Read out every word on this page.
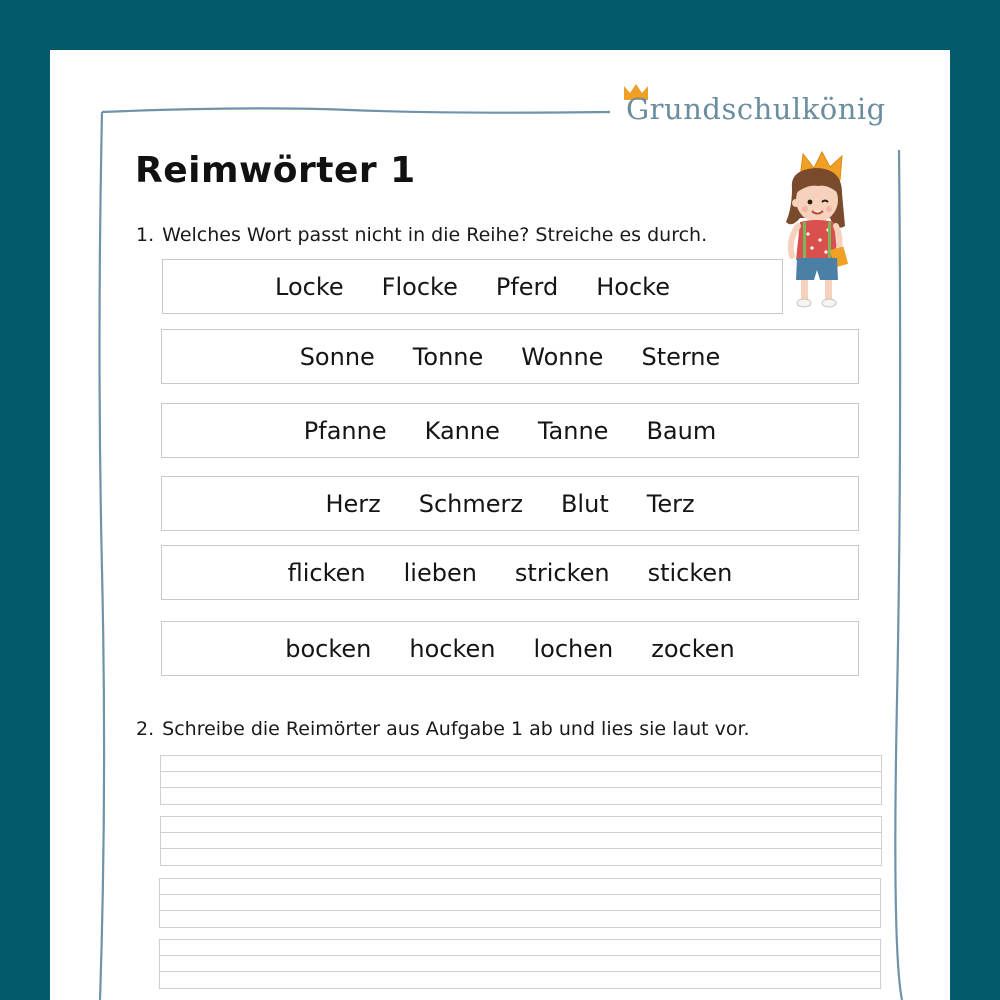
Grundschulkönig
Reimwörter 1
1. Welches Wort passt nicht in die Reihe? Streiche es durch.
Locke Flocke Pferd Hocke
Sonne Tonne Wonne Sterne
Pfanne Kanne Tanne Baum
Herz Schmerz Blut Terz
flicken lieben stricken sticken
bocken hocken lochen zocken
2. Schreibe die Reimörter aus Aufgabe 1 ab und lies sie laut vor.
